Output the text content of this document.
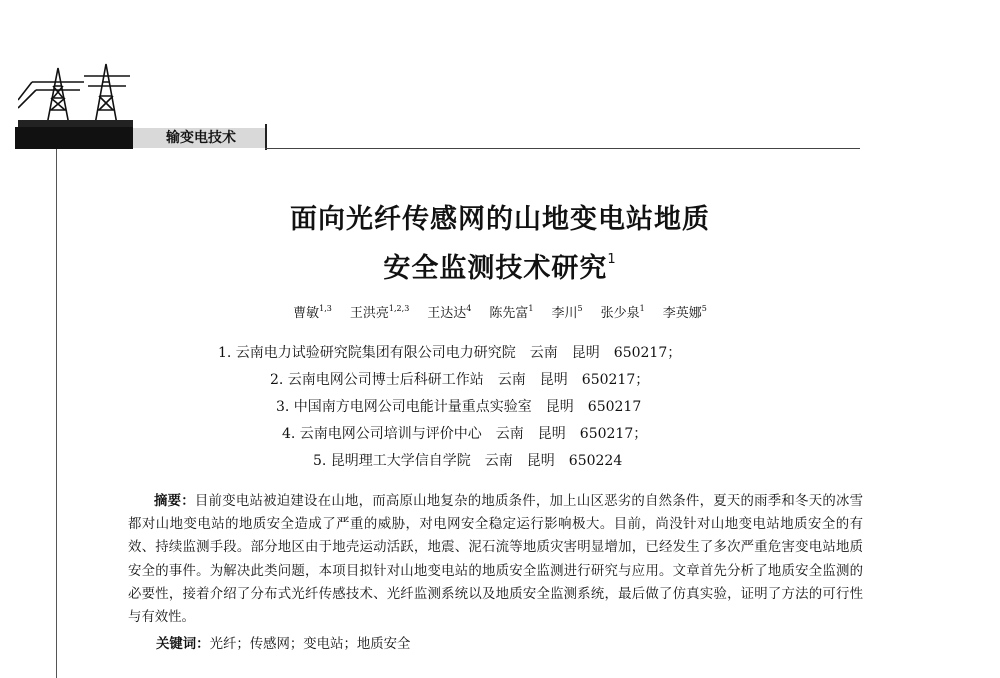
输变电技术
面向光纤传感网的山地变电站地质
安全监测技术研究$^1$
曹敏$^{1,3}$ 王洪亮$^{1,2,3}$ 王达达$^4$ 陈先富$^1$ 李川$^5$ 张少泉$^1$ 李英娜$^5$
1. 云南电力试验研究院集团有限公司电力研究院　云南　昆明　650217；
2. 云南电网公司博士后科研工作站　云南　昆明　650217；
3. 中国南方电网公司电能计量重点实验室　昆明　650217
4. 云南电网公司培训与评价中心　云南　昆明　650217；
5. 昆明理工大学信自学院　云南　昆明　650224
摘要：目前变电站被迫建设在山地，而高原山地复杂的地质条件，加上山区恶劣的自然条件，夏天的雨季和冬天的冰雪都对山地变电站的地质安全造成了严重的威胁，对电网安全稳定运行影响极大。目前，尚没针对山地变电站地质安全的有效、持续监测手段。部分地区由于地壳运动活跃，地震、泥石流等地质灾害明显增加，已经发生了多次严重危害变电站地质安全的事件。为解决此类问题，本项目拟针对山地变电站的地质安全监测进行研究与应用。文章首先分析了地质安全监测的必要性，接着介绍了分布式光纤传感技术、光纤监测系统以及地质安全监测系统，最后做了仿真实验，证明了方法的可行性与有效性。
关键词：光纤；传感网；变电站；地质安全
